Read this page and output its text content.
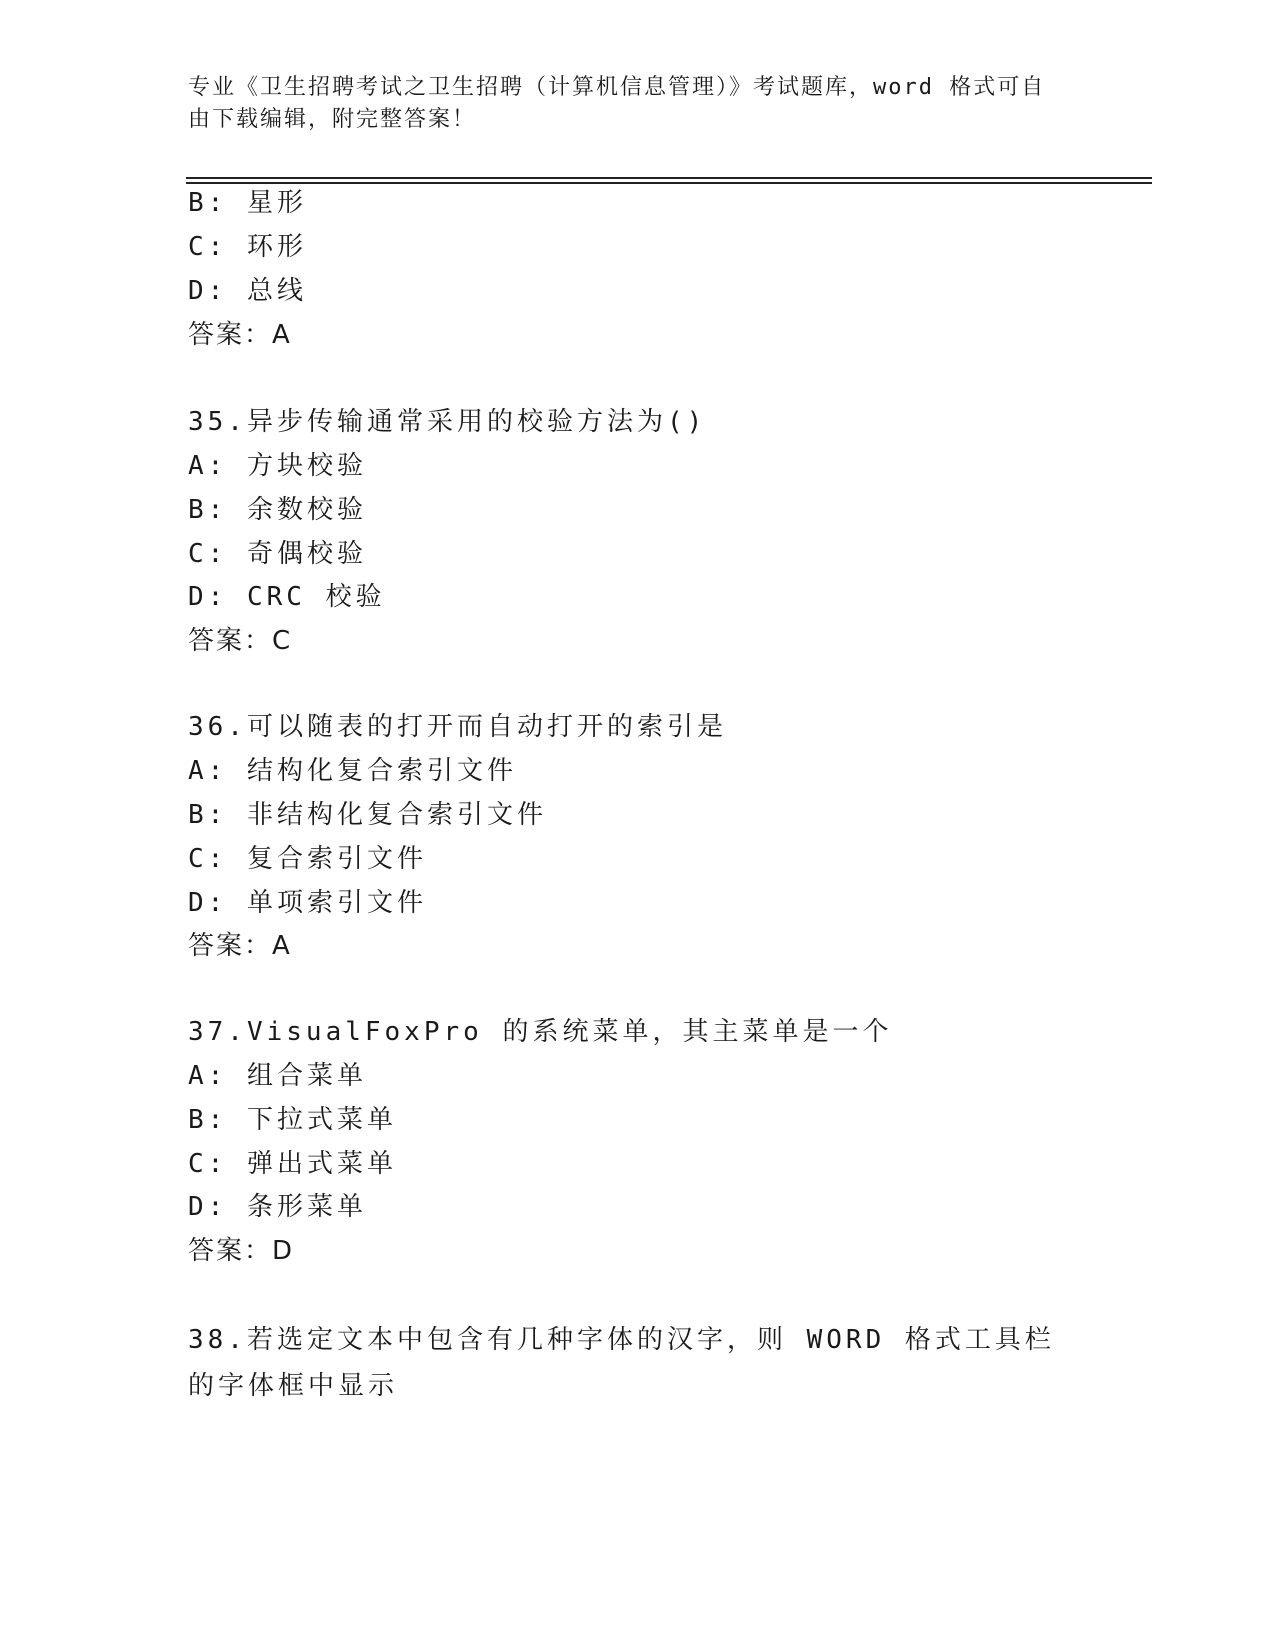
专业《卫生招聘考试之卫生招聘（计算机信息管理）》考试题库，word 格式可自由下载编辑，附完整答案！
B: 星形
C: 环形
D: 总线
答案：A
35.异步传输通常采用的校验方法为()
A: 方块校验
B: 余数校验
C: 奇偶校验
D: CRC 校验
答案：C
36.可以随表的打开而自动打开的索引是
A: 结构化复合索引文件
B: 非结构化复合索引文件
C: 复合索引文件
D: 单项索引文件
答案：A
37.VisualFoxPro 的系统菜单，其主菜单是一个
A: 组合菜单
B: 下拉式菜单
C: 弹出式菜单
D: 条形菜单
答案：D
38.若选定文本中包含有几种字体的汉字，则 WORD 格式工具栏的字体框中显示
